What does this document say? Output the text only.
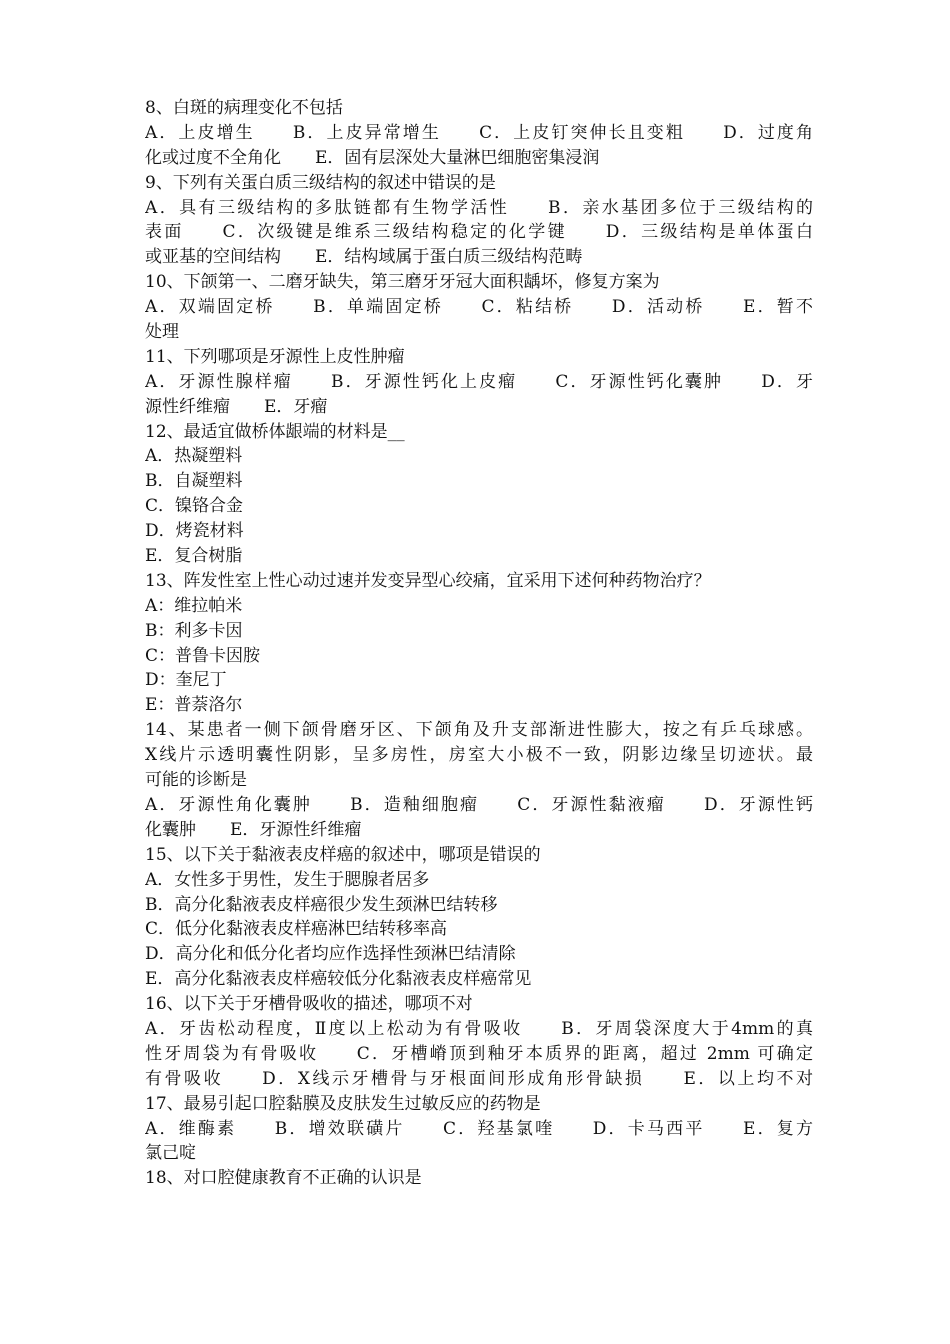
8、白斑的病理变化不包括
A．上皮增生　　B．上皮异常增生　　C．上皮钉突伸长且变粗　　D．过度角
化或过度不全角化　　E．固有层深处大量淋巴细胞密集浸润
9、下列有关蛋白质三级结构的叙述中错误的是
A．具有三级结构的多肽链都有生物学活性　　B．亲水基团多位于三级结构的
表面　　C．次级键是维系三级结构稳定的化学键　　D．三级结构是单体蛋白
或亚基的空间结构　　E．结构域属于蛋白质三级结构范畴
10、下颌第一、二磨牙缺失，第三磨牙牙冠大面积龋坏，修复方案为
A．双端固定桥　　B．单端固定桥　　C．粘结桥　　D．活动桥　　E．暂不
处理
11、下列哪项是牙源性上皮性肿瘤
A．牙源性腺样瘤　　B．牙源性钙化上皮瘤　　C．牙源性钙化囊肿　　D．牙
源性纤维瘤　　E．牙瘤
12、最适宜做桥体龈端的材料是__
A．热凝塑料
B．自凝塑料
C．镍铬合金
D．烤瓷材料
E．复合树脂
13、阵发性室上性心动过速并发变异型心绞痛，宜采用下述何种药物治疗？
A：维拉帕米
B：利多卡因
C：普鲁卡因胺
D：奎尼丁
E：普萘洛尔
14、某患者一侧下颌骨磨牙区、下颌角及升支部渐进性膨大，按之有乒乓球感。
X线片示透明囊性阴影，呈多房性，房室大小极不一致，阴影边缘呈切迹状。最
可能的诊断是
A．牙源性角化囊肿　　B．造釉细胞瘤　　C．牙源性黏液瘤　　D．牙源性钙
化囊肿　　E．牙源性纤维瘤
15、以下关于黏液表皮样癌的叙述中，哪项是错误的
A．女性多于男性，发生于腮腺者居多
B．高分化黏液表皮样癌很少发生颈淋巴结转移
C．低分化黏液表皮样癌淋巴结转移率高
D．高分化和低分化者均应作选择性颈淋巴结清除
E．高分化黏液表皮样癌较低分化黏液表皮样癌常见
16、以下关于牙槽骨吸收的描述，哪项不对
A．牙齿松动程度，Ⅱ度以上松动为有骨吸收　　B．牙周袋深度大于4mm的真
性牙周袋为有骨吸收　　C．牙槽嵴顶到釉牙本质界的距离，超过 2mm 可确定
有骨吸收　　D．X线示牙槽骨与牙根面间形成角形骨缺损　　E．以上均不对
17、最易引起口腔黏膜及皮肤发生过敏反应的药物是
A．维酶素　　B．增效联磺片　　C．羟基氯喹　　D．卡马西平　　E．复方
氯己啶
18、对口腔健康教育不正确的认识是
